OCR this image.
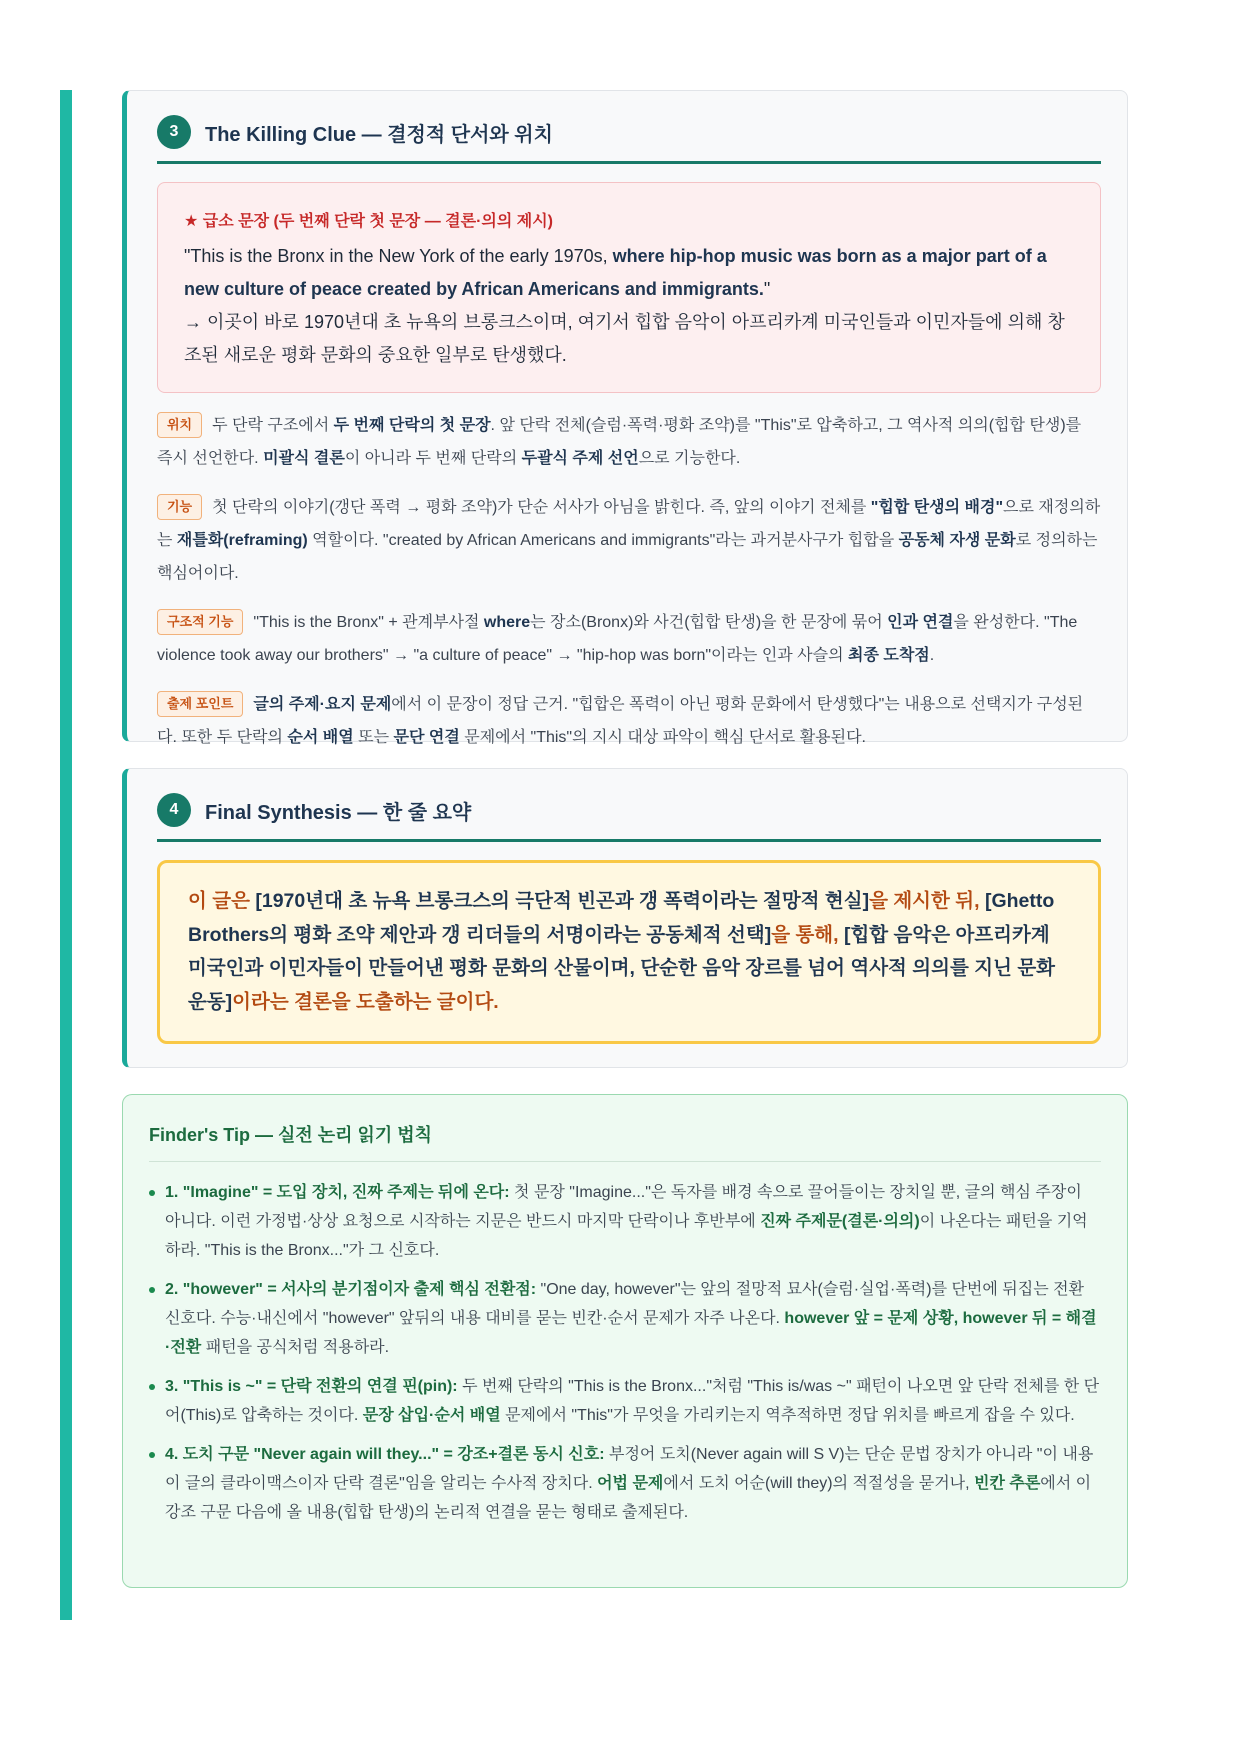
3	The Killing Clue — 결정적 단서와 위치
★ 급소 문장 (두 번째 단락 첫 문장 — 결론·의의 제시)
"This is the Bronx in the New York of the early 1970s, where hip-hop music was born as a major part of a new culture of peace created by African Americans and immigrants."
→ 이곳이 바로 1970년대 초 뉴욕의 브롱크스이며, 여기서 힙합 음악이 아프리카계 미국인들과 이민자들에 의해 창조된 새로운 평화 문화의 중요한 일부로 탄생했다.
위치 두 단락 구조에서 두 번째 단락의 첫 문장. 앞 단락 전체(슬럼·폭력·평화 조약)를 "This"로 압축하고, 그 역사적 의의(힙합 탄생)를 즉시 선언한다. 미괄식 결론이 아니라 두 번째 단락의 두괄식 주제 선언으로 기능한다.
기능 첫 단락의 이야기(갱단 폭력 → 평화 조약)가 단순 서사가 아님을 밝힌다. 즉, 앞의 이야기 전체를 "힙합 탄생의 배경"으로 재정의하는 재틀화(reframing) 역할이다. "created by African Americans and immigrants"라는 과거분사구가 힙합을 공동체 자생 문화로 정의하는 핵심어이다.
구조적 기능 "This is the Bronx" + 관계부사절 where는 장소(Bronx)와 사건(힙합 탄생)을 한 문장에 묶어 인과 연결을 완성한다. "The violence took away our brothers" → "a culture of peace" → "hip-hop was born"이라는 인과 사슬의 최종 도착점.
출제 포인트 글의 주제·요지 문제에서 이 문장이 정답 근거. "힙합은 폭력이 아닌 평화 문화에서 탄생했다"는 내용으로 선택지가 구성된다. 또한 두 단락의 순서 배열 또는 문단 연결 문제에서 "This"의 지시 대상 파악이 핵심 단서로 활용된다.
4	Final Synthesis — 한 줄 요약
이 글은 [1970년대 초 뉴욕 브롱크스의 극단적 빈곤과 갱 폭력이라는 절망적 현실]을 제시한 뒤, [Ghetto Brothers의 평화 조약 제안과 갱 리더들의 서명이라는 공동체적 선택]을 통해, [힙합 음악은 아프리카계 미국인과 이민자들이 만들어낸 평화 문화의 산물이며, 단순한 음악 장르를 넘어 역사적 의의를 지닌 문화 운동]이라는 결론을 도출하는 글이다.
Finder's Tip — 실전 논리 읽기 법칙
1. "Imagine" = 도입 장치, 진짜 주제는 뒤에 온다: 첫 문장 "Imagine..."은 독자를 배경 속으로 끌어들이는 장치일 뿐, 글의 핵심 주장이 아니다. 이런 가정법·상상 요청으로 시작하는 지문은 반드시 마지막 단락이나 후반부에 진짜 주제문(결론·의의)이 나온다는 패턴을 기억하라. "This is the Bronx..."가 그 신호다.
2. "however" = 서사의 분기점이자 출제 핵심 전환점: "One day, however"는 앞의 절망적 묘사(슬럼·실업·폭력)를 단번에 뒤집는 전환 신호다. 수능·내신에서 "however" 앞뒤의 내용 대비를 묻는 빈칸·순서 문제가 자주 나온다. however 앞 = 문제 상황, however 뒤 = 해결·전환 패턴을 공식처럼 적용하라.
3. "This is ~" = 단락 전환의 연결 핀(pin): 두 번째 단락의 "This is the Bronx..."처럼 "This is/was ~" 패턴이 나오면 앞 단락 전체를 한 단어(This)로 압축하는 것이다. 문장 삽입·순서 배열 문제에서 "This"가 무엇을 가리키는지 역추적하면 정답 위치를 빠르게 잡을 수 있다.
4. 도치 구문 "Never again will they..." = 강조+결론 동시 신호: 부정어 도치(Never again will S V)는 단순 문법 장치가 아니라 "이 내용이 글의 클라이맥스이자 단락 결론"임을 알리는 수사적 장치다. 어법 문제에서 도치 어순(will they)의 적절성을 묻거나, 빈칸 추론에서 이 강조 구문 다음에 올 내용(힙합 탄생)의 논리적 연결을 묻는 형태로 출제된다.
